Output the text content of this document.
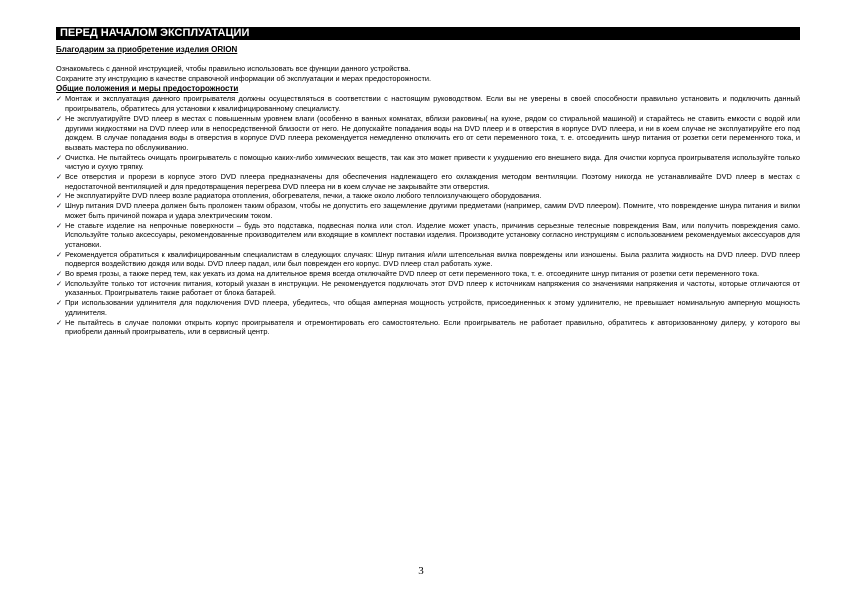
ПЕРЕД НАЧАЛОМ ЭКСПЛУАТАЦИИ
Благодарим за приобретение изделия ORION

Ознакомьтесь с данной инструкцией, чтобы правильно использовать все функции данного устройства.

Сохраните эту инструкцию в качестве справочной информации об эксплуатации и мерах предосторожности.

Общие положения и меры предосторожности
✓ Монтаж и эксплуатация данного проигрывателя должны осуществляться в соответствии с настоящим руководством. Если вы не уверены в своей способности правильно установить и подключить данный проигрыватель, обратитесь для установки к квалифицированному специалисту.
✓ Не эксплуатируйте DVD плеер в местах с повышенным уровнем влаги (особенно в ванных комнатах, вблизи раковины( на кухне, рядом со стиральной машиной) и старайтесь не ставить емкости с водой или другими жидкостями на DVD плеер или в непосредственной близости от него. Не допускайте попадания воды на DVD плеер и в отверстия в корпусе DVD плеера, и ни в коем случае не эксплуатируйте его под дождем. В случае попадания воды в отверстия в корпусе DVD плеера рекомендуется немедленно отключить его от сети переменного тока, т. е. отсоединить шнур питания от розетки сети переменного тока, и вызвать мастера по обслуживанию.
✓ Очистка. Не пытайтесь очищать проигрыватель с помощью каких-либо химических веществ, так как это может привести к ухудшению его внешнего вида. Для очистки корпуса проигрывателя используйте только чистую и сухую тряпку.
✓ Все отверстия и прорези в корпусе этого DVD плеера предназначены для обеспечения надлежащего его охлаждения методом вентиляции. Поэтому никогда не устанавливайте DVD плеер в местах с недостаточной вентиляцией и для предотвращения перегрева DVD плеера ни в коем случае не закрывайте эти отверстия.
✓ Не эксплуатируйте DVD плеер возле радиатора отопления, обогревателя, печки, а также около любого теплоизлучающего оборудования.
✓ Шнур питания DVD плеера должен быть проложен таким образом, чтобы не допустить его защемление другими предметами (например, самим DVD плеером). Помните, что повреждение шнура питания и вилки может быть причиной пожара и удара электрическим током.
✓ Не ставьте изделие на непрочные поверхности – будь это подставка, подвесная полка или стол. Изделие может упасть, причинив серьезные телесные повреждения Вам, или получить повреждения само. Используйте только аксессуары, рекомендованные производителем или входящие в комплект поставки изделия. Производите установку согласно инструкциям с использованием рекомендуемых аксессуаров для установки.
✓ Рекомендуется обратиться к квалифицированным специалистам в следующих случаях: Шнур питания и/или штепсельная вилка повреждены или изношены. Была разлита жидкость на DVD плеер. DVD плеер подвергся воздействию дождя или воды. DVD плеер падал, или был поврежден его корпус. DVD плеер стал работать хуже.
✓ Во время грозы, а также перед тем, как уехать из дома на длительное время всегда отключайте DVD плеер от сети переменного тока, т. е. отсоедините шнур питания от розетки сети переменного тока.
✓ Используйте только тот источник питания, который указан в инструкции. Не рекомендуется подключать этот DVD плеер к источникам напряжения со значениями напряжения и частоты, которые отличаются от указанных. Проигрыватель также работает от блока батарей.
✓ При использовании удлинителя для подключения DVD плеера, убедитесь, что общая амперная мощность устройств, присоединенных к этому удлинителю, не превышает номинальную амперную мощность удлинителя.
✓ Не пытайтесь в случае поломки открыть корпус проигрывателя и отремонтировать его самостоятельно. Если проигрыватель не работает правильно, обратитесь к авторизованному дилеру, у которого вы приобрели данный проигрыватель, или в сервисный центр.
3
